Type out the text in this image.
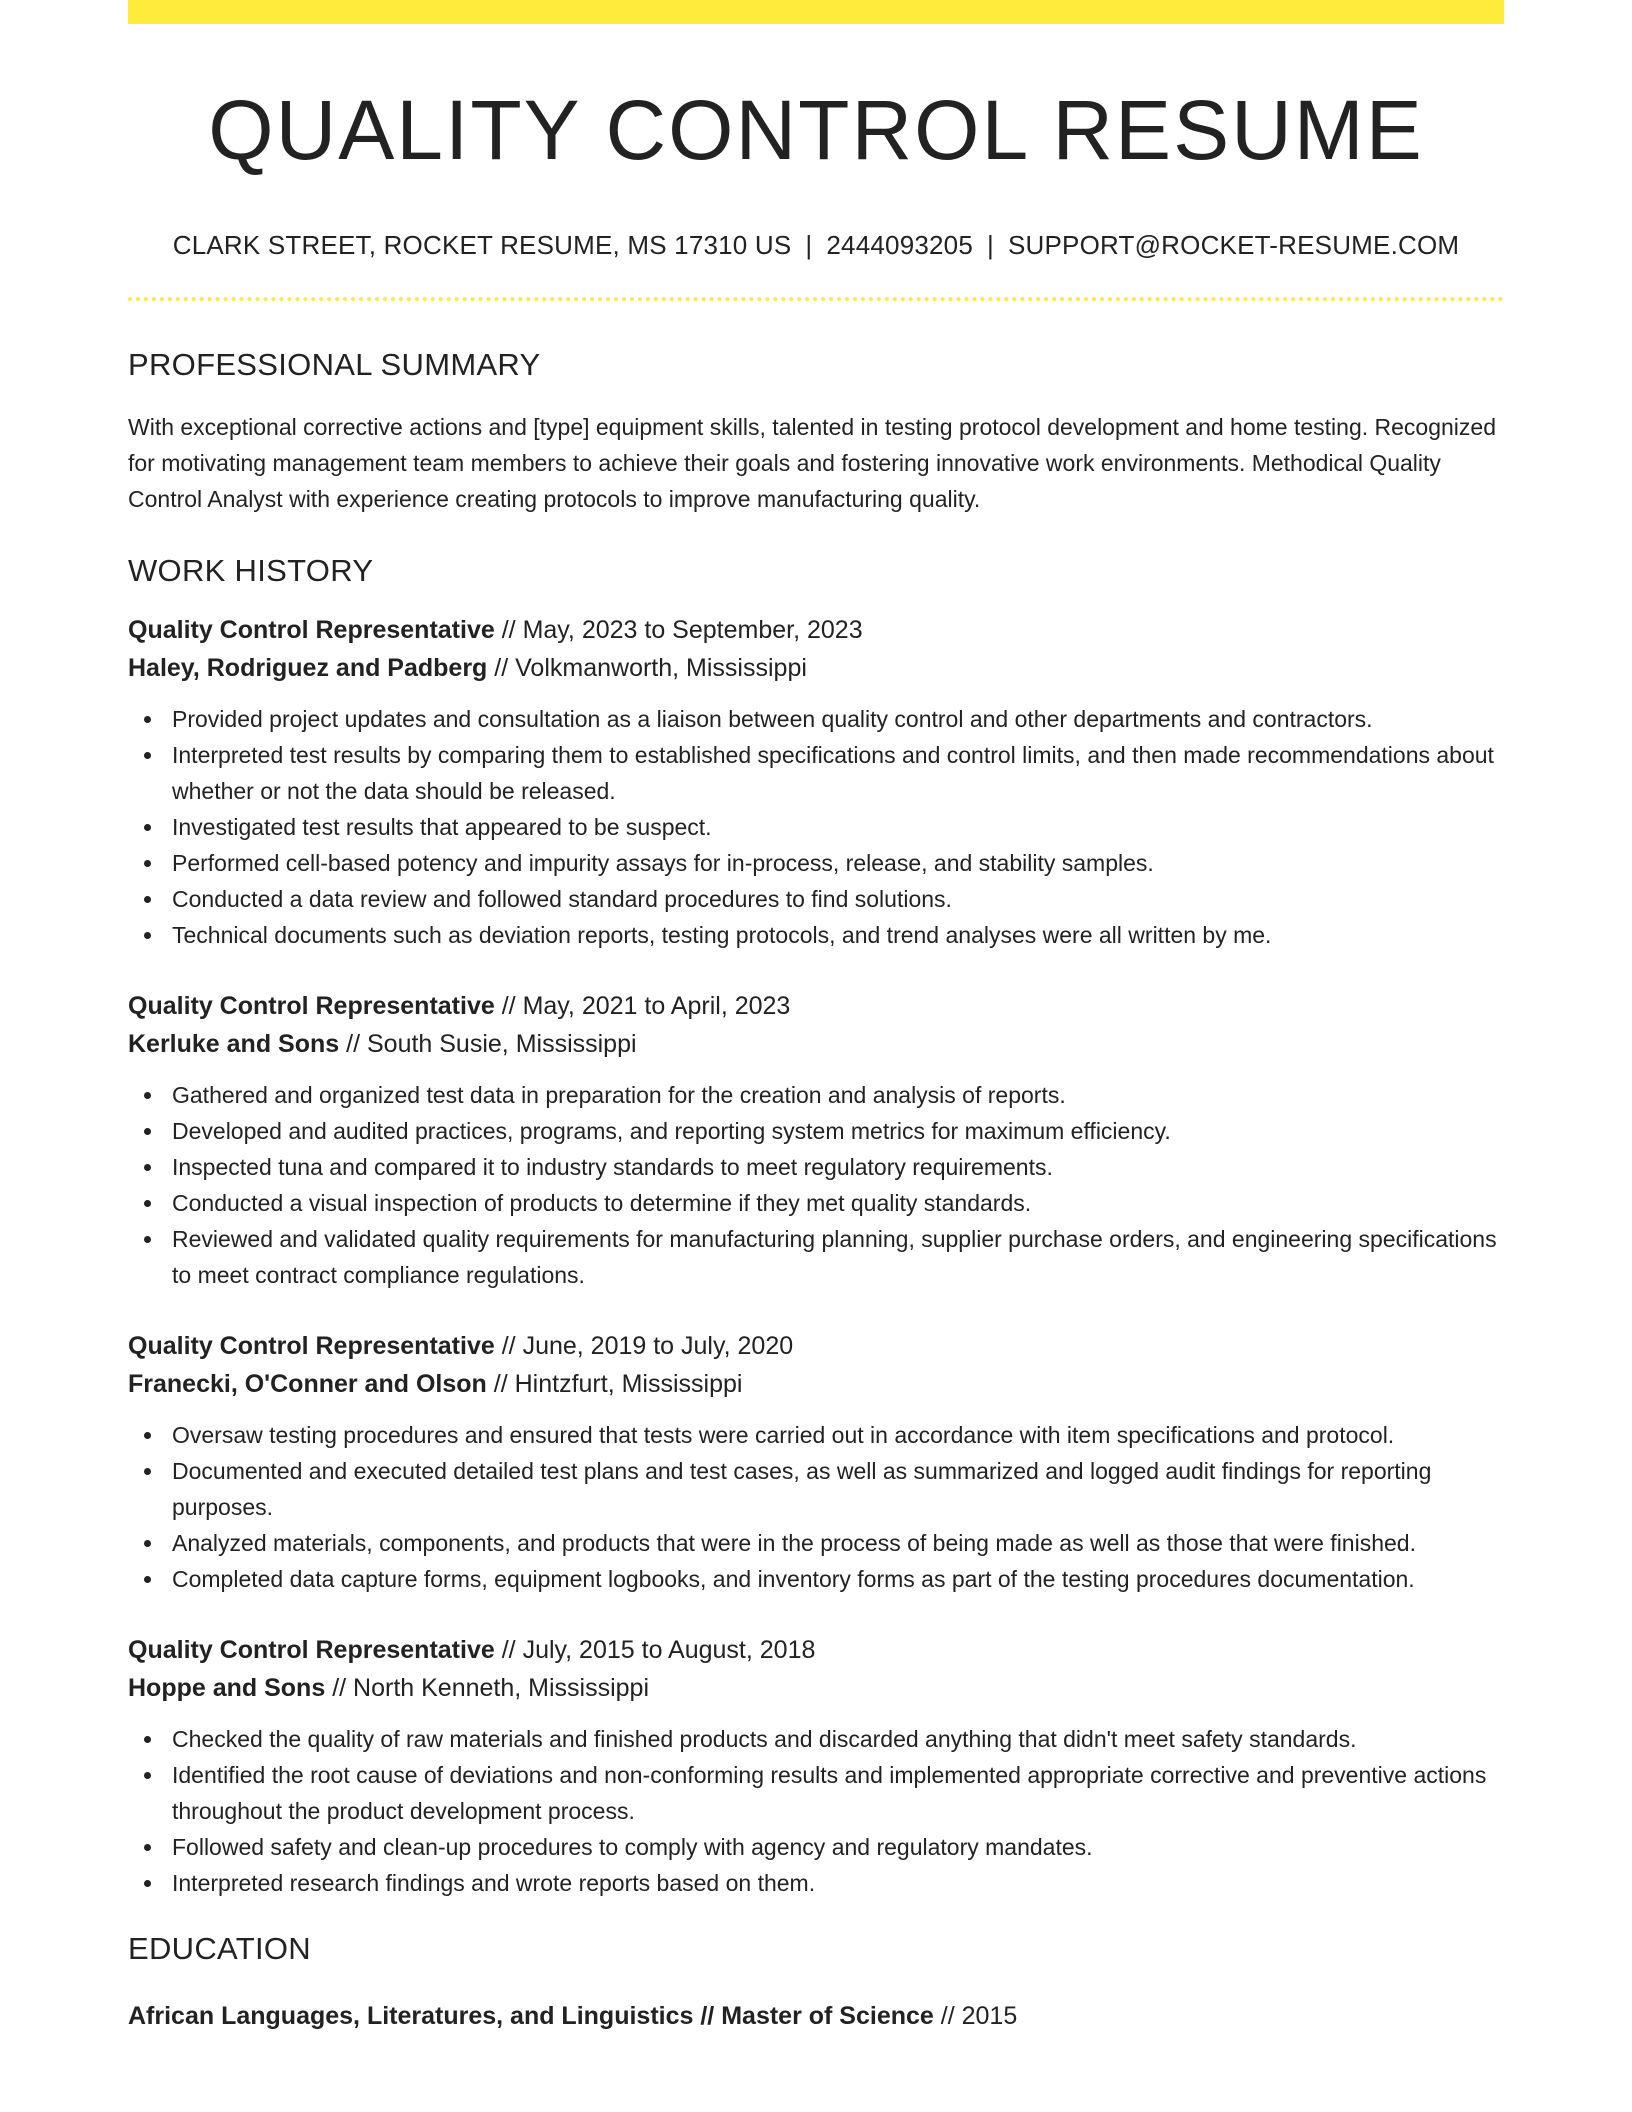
QUALITY CONTROL RESUME
CLARK STREET, ROCKET RESUME, MS 17310 US | 2444093205 | SUPPORT@ROCKET-RESUME.COM
PROFESSIONAL SUMMARY
With exceptional corrective actions and [type] equipment skills, talented in testing protocol development and home testing. Recognized for motivating management team members to achieve their goals and fostering innovative work environments. Methodical Quality Control Analyst with experience creating protocols to improve manufacturing quality.
WORK HISTORY
Quality Control Representative // May, 2023 to September, 2023
Haley, Rodriguez and Padberg // Volkmanworth, Mississippi
Provided project updates and consultation as a liaison between quality control and other departments and contractors.
Interpreted test results by comparing them to established specifications and control limits, and then made recommendations about whether or not the data should be released.
Investigated test results that appeared to be suspect.
Performed cell-based potency and impurity assays for in-process, release, and stability samples.
Conducted a data review and followed standard procedures to find solutions.
Technical documents such as deviation reports, testing protocols, and trend analyses were all written by me.
Quality Control Representative // May, 2021 to April, 2023
Kerluke and Sons // South Susie, Mississippi
Gathered and organized test data in preparation for the creation and analysis of reports.
Developed and audited practices, programs, and reporting system metrics for maximum efficiency.
Inspected tuna and compared it to industry standards to meet regulatory requirements.
Conducted a visual inspection of products to determine if they met quality standards.
Reviewed and validated quality requirements for manufacturing planning, supplier purchase orders, and engineering specifications to meet contract compliance regulations.
Quality Control Representative // June, 2019 to July, 2020
Franecki, O'Conner and Olson // Hintzfurt, Mississippi
Oversaw testing procedures and ensured that tests were carried out in accordance with item specifications and protocol.
Documented and executed detailed test plans and test cases, as well as summarized and logged audit findings for reporting purposes.
Analyzed materials, components, and products that were in the process of being made as well as those that were finished.
Completed data capture forms, equipment logbooks, and inventory forms as part of the testing procedures documentation.
Quality Control Representative // July, 2015 to August, 2018
Hoppe and Sons // North Kenneth, Mississippi
Checked the quality of raw materials and finished products and discarded anything that didn't meet safety standards.
Identified the root cause of deviations and non-conforming results and implemented appropriate corrective and preventive actions throughout the product development process.
Followed safety and clean-up procedures to comply with agency and regulatory mandates.
Interpreted research findings and wrote reports based on them.
EDUCATION
African Languages, Literatures, and Linguistics // Master of Science // 2015
